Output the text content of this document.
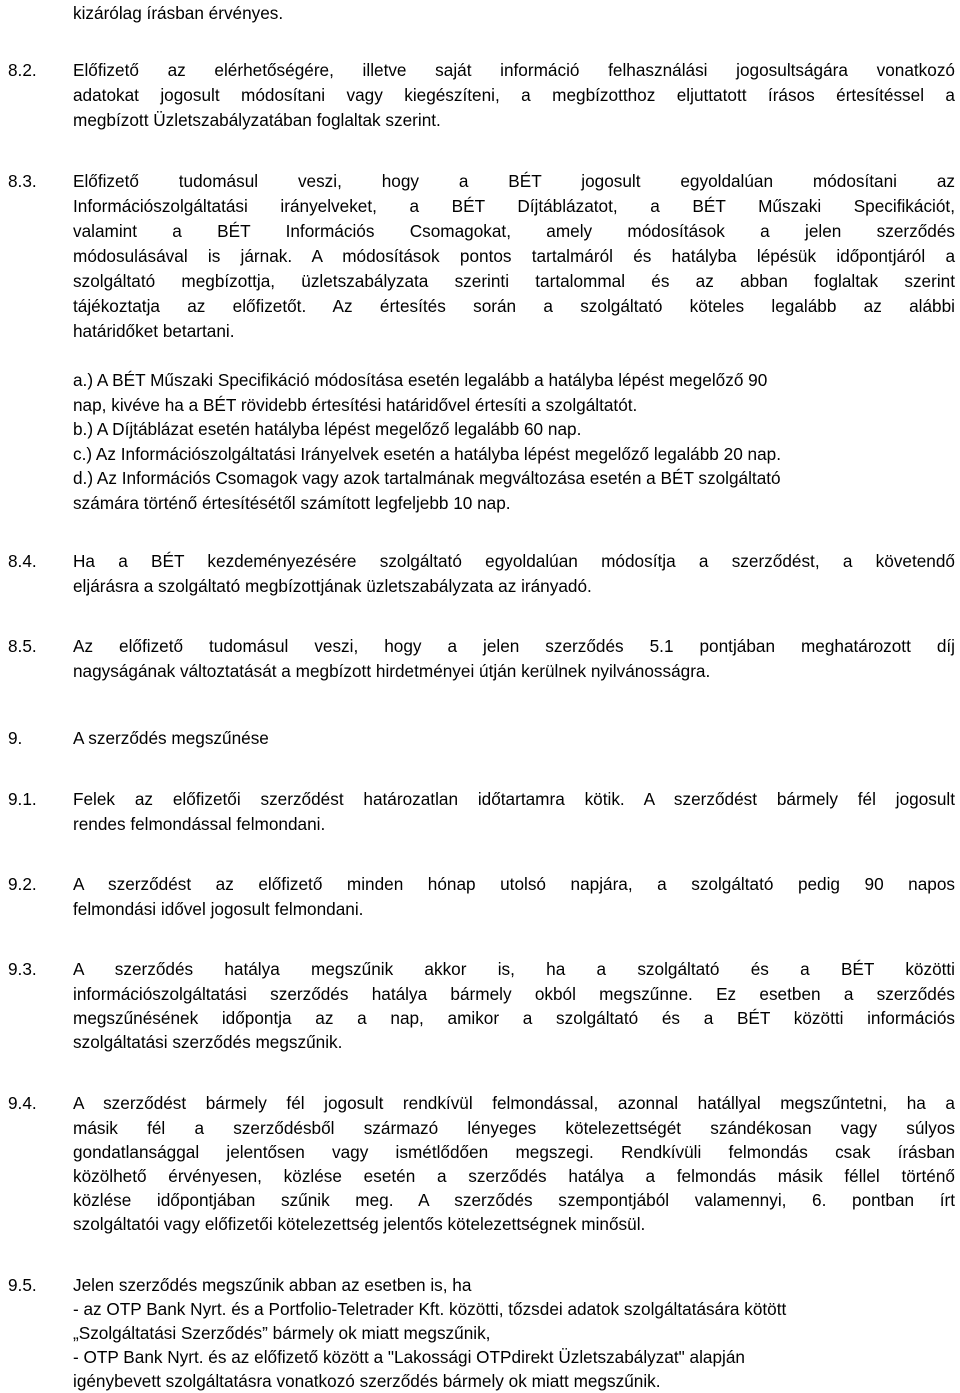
kizárólag írásban érvényes.
8.2. Előfizető az elérhetőségére, illetve saját információ felhasználási jogosultságára vonatkozó
adatokat jogosult módosítani vagy kiegészíteni, a megbízotthoz eljuttatott írásos értesítéssel a
megbízott Üzletszabályzatában foglaltak szerint.
8.3. Előfizető tudomásul veszi, hogy a BÉT jogosult egyoldalúan módosítani az
Információszolgáltatási irányelveket, a BÉT Díjtáblázatot, a BÉT Műszaki Specifikációt,
valamint a BÉT Információs Csomagokat, amely módosítások a jelen szerződés
módosulásával is járnak. A módosítások pontos tartalmáról és hatályba lépésük időpontjáról a
szolgáltató megbízottja, üzletszabályzata szerinti tartalommal és az abban foglaltak szerint
tájékoztatja az előfizetőt. Az értesítés során a szolgáltató köteles legalább az alábbi
határidőket betartani.
a.) A BÉT Műszaki Specifikáció módosítása esetén legalább a hatályba lépést megelőző 90
nap, kivéve ha a BÉT rövidebb értesítési határidővel értesíti a szolgáltatót.
b.) A Díjtáblázat esetén hatályba lépést megelőző legalább 60 nap.
c.) Az Információszolgáltatási Irányelvek esetén a hatályba lépést megelőző legalább 20 nap.
d.) Az Információs Csomagok vagy azok tartalmának megváltozása esetén a BÉT szolgáltató
számára történő értesítésétől számított legfeljebb 10 nap.
8.4. Ha a BÉT kezdeményezésére szolgáltató egyoldalúan módosítja a szerződést, a követendő
eljárásra a szolgáltató megbízottjának üzletszabályzata az irányadó.
8.5. Az előfizető tudomásul veszi, hogy a jelen szerződés 5.1 pontjában meghatározott díj
nagyságának változtatását a megbízott hirdetményei útján kerülnek nyilvánosságra.
9.	A szerződés megszűnése
9.1. Felek az előfizetői szerződést határozatlan időtartamra kötik. A szerződést bármely fél jogosult
rendes felmondással felmondani.
9.2. A szerződést az előfizető minden hónap utolsó napjára, a szolgáltató pedig 90 napos
felmondási idővel jogosult felmondani.
9.3. A szerződés hatálya megszűnik akkor is, ha a szolgáltató és a BÉT közötti
információszolgáltatási szerződés hatálya bármely okból megszűnne. Ez esetben a szerződés
megszűnésének időpontja az a nap, amikor a szolgáltató és a BÉT közötti információs
szolgáltatási szerződés megszűnik.
9.4. A szerződést bármely fél jogosult rendkívül felmondással, azonnal hatállyal megszűntetni, ha a
másik fél a szerződésből származó lényeges kötelezettségét szándékosan vagy súlyos
gondatlansággal jelentősen vagy ismétlődően megszegi. Rendkívüli felmondás csak írásban
közölhető érvényesen, közlése esetén a szerződés hatálya a felmondás másik féllel történő
közlése időpontjában szűnik meg. A szerződés szempontjából valamennyi, 6. pontban írt
szolgáltatói vagy előfizetői kötelezettség jelentős kötelezettségnek minősül.
9.5. Jelen szerződés megszűnik abban az esetben is, ha
- az OTP Bank Nyrt. és a Portfolio-Teletrader Kft. közötti, tőzsdei adatok szolgáltatására kötött
„Szolgáltatási Szerződés” bármely ok miatt megszűnik,
- OTP Bank Nyrt. és az előfizető között a "Lakossági OTPdirekt Üzletszabályzat" alapján
igénybevett szolgáltatásra vonatkozó szerződés bármely ok miatt megszűnik.
